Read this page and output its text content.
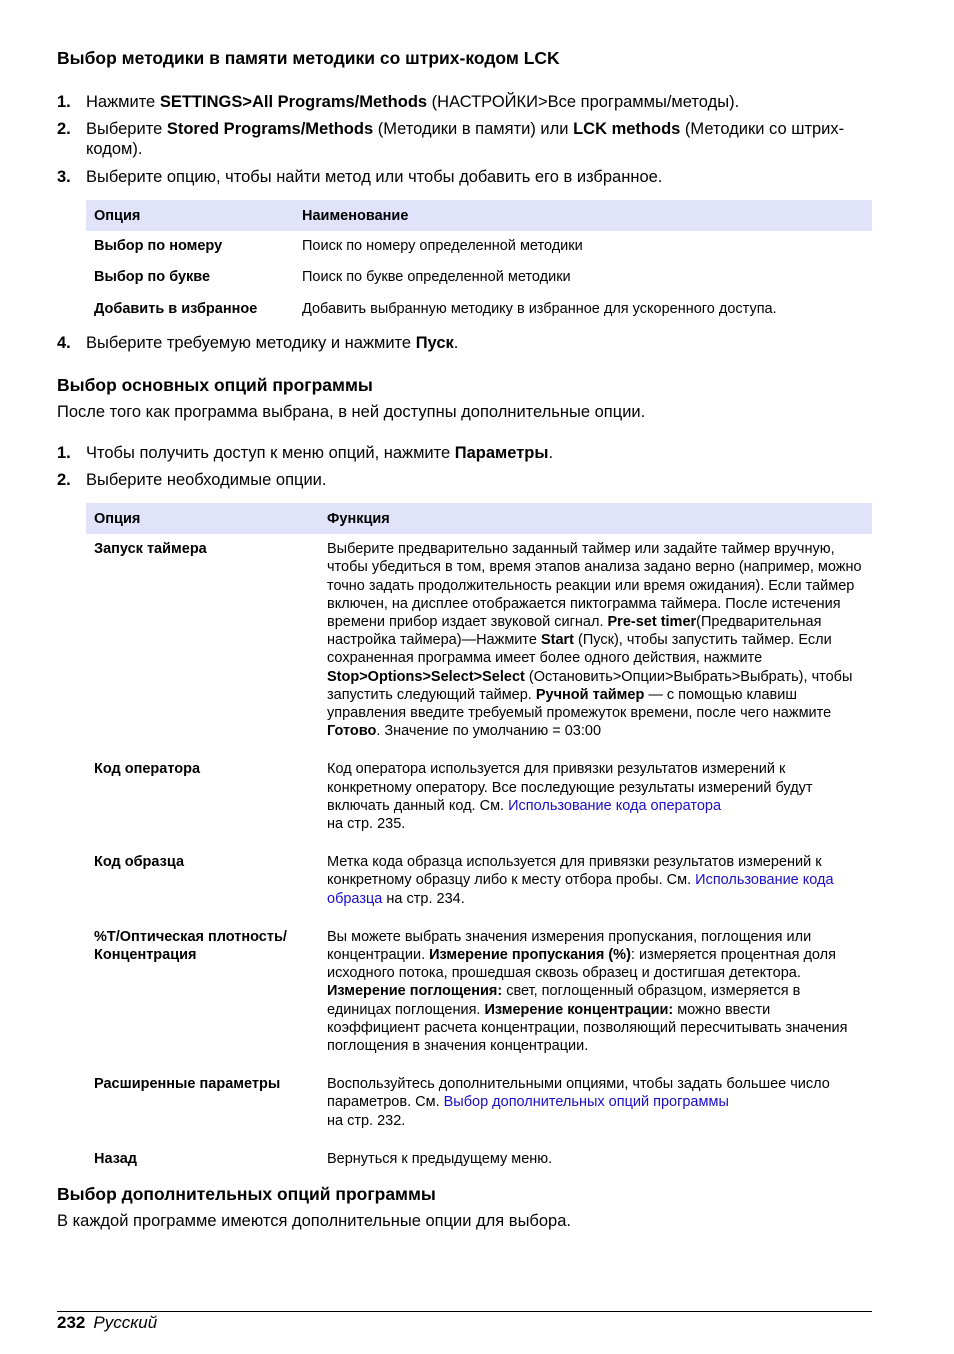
Выбор методики в памяти методики со штрих-кодом LCK
1. Нажмите SETTINGS>All Programs/Methods (НАСТРОЙКИ>Все программы/методы).
2. Выберите Stored Programs/Methods (Методики в памяти) или LCK methods (Методики со штрих-кодом).
3. Выберите опцию, чтобы найти метод или чтобы добавить его в избранное.
Опция	Наименование
Выбор по номеру	Поиск по номеру определенной методики
Выбор по букве	Поиск по букве определенной методики
Добавить в избранное	Добавить выбранную методику в избранное для ускоренного доступа.
4. Выберите требуемую методику и нажмите Пуск.
Выбор основных опций программы
После того как программа выбрана, в ней доступны дополнительные опции.
1. Чтобы получить доступ к меню опций, нажмите Параметры.
2. Выберите необходимые опции.
Опция	Функция
Запуск таймера	Выберите предварительно заданный таймер или задайте таймер вручную, чтобы убедиться в том, время этапов анализа задано верно (например, можно точно задать продолжительность реакции или время ожидания). Если таймер включен, на дисплее отображается пиктограмма таймера. После истечения времени прибор издает звуковой сигнал. Pre-set timer(Предварительная настройка таймера)—Нажмите Start (Пуск), чтобы запустить таймер. Если сохраненная программа имеет более одного действия, нажмите Stop>Options>Select>Select (Остановить>Опции>Выбрать>Выбрать), чтобы запустить следующий таймер. Ручной таймер — с помощью клавиш управления введите требуемый промежуток времени, после чего нажмите Готово. Значение по умолчанию = 03:00
Код оператора	Код оператора используется для привязки результатов измерений к конкретному оператору. Все последующие результаты измерений будут включать данный код. См. Использование кода оператора
на стр. 235.
Код образца	Метка кода образца используется для привязки результатов измерений к конкретному образцу либо к месту отбора пробы. См. Использование кода образца на стр. 234.
%T/Оптическая плотность/Концентрация	Вы можете выбрать значения измерения пропускания, поглощения или концентрации. Измерение пропускания (%): измеряется процентная доля исходного потока, прошедшая сквозь образец и достигшая детектора. Измерение поглощения: свет, поглощенный образцом, измеряется в единицах поглощения. Измерение концентрации: можно ввести коэффициент расчета концентрации, позволяющий пересчитывать значения поглощения в значения концентрации.
Расширенные параметры	Воспользуйтесь дополнительными опциями, чтобы задать большее число параметров. См. Выбор дополнительных опций программы
на стр. 232.
Назад	Вернуться к предыдущему меню.
Выбор дополнительных опций программы
В каждой программе имеются дополнительные опции для выбора.
232 Русский
